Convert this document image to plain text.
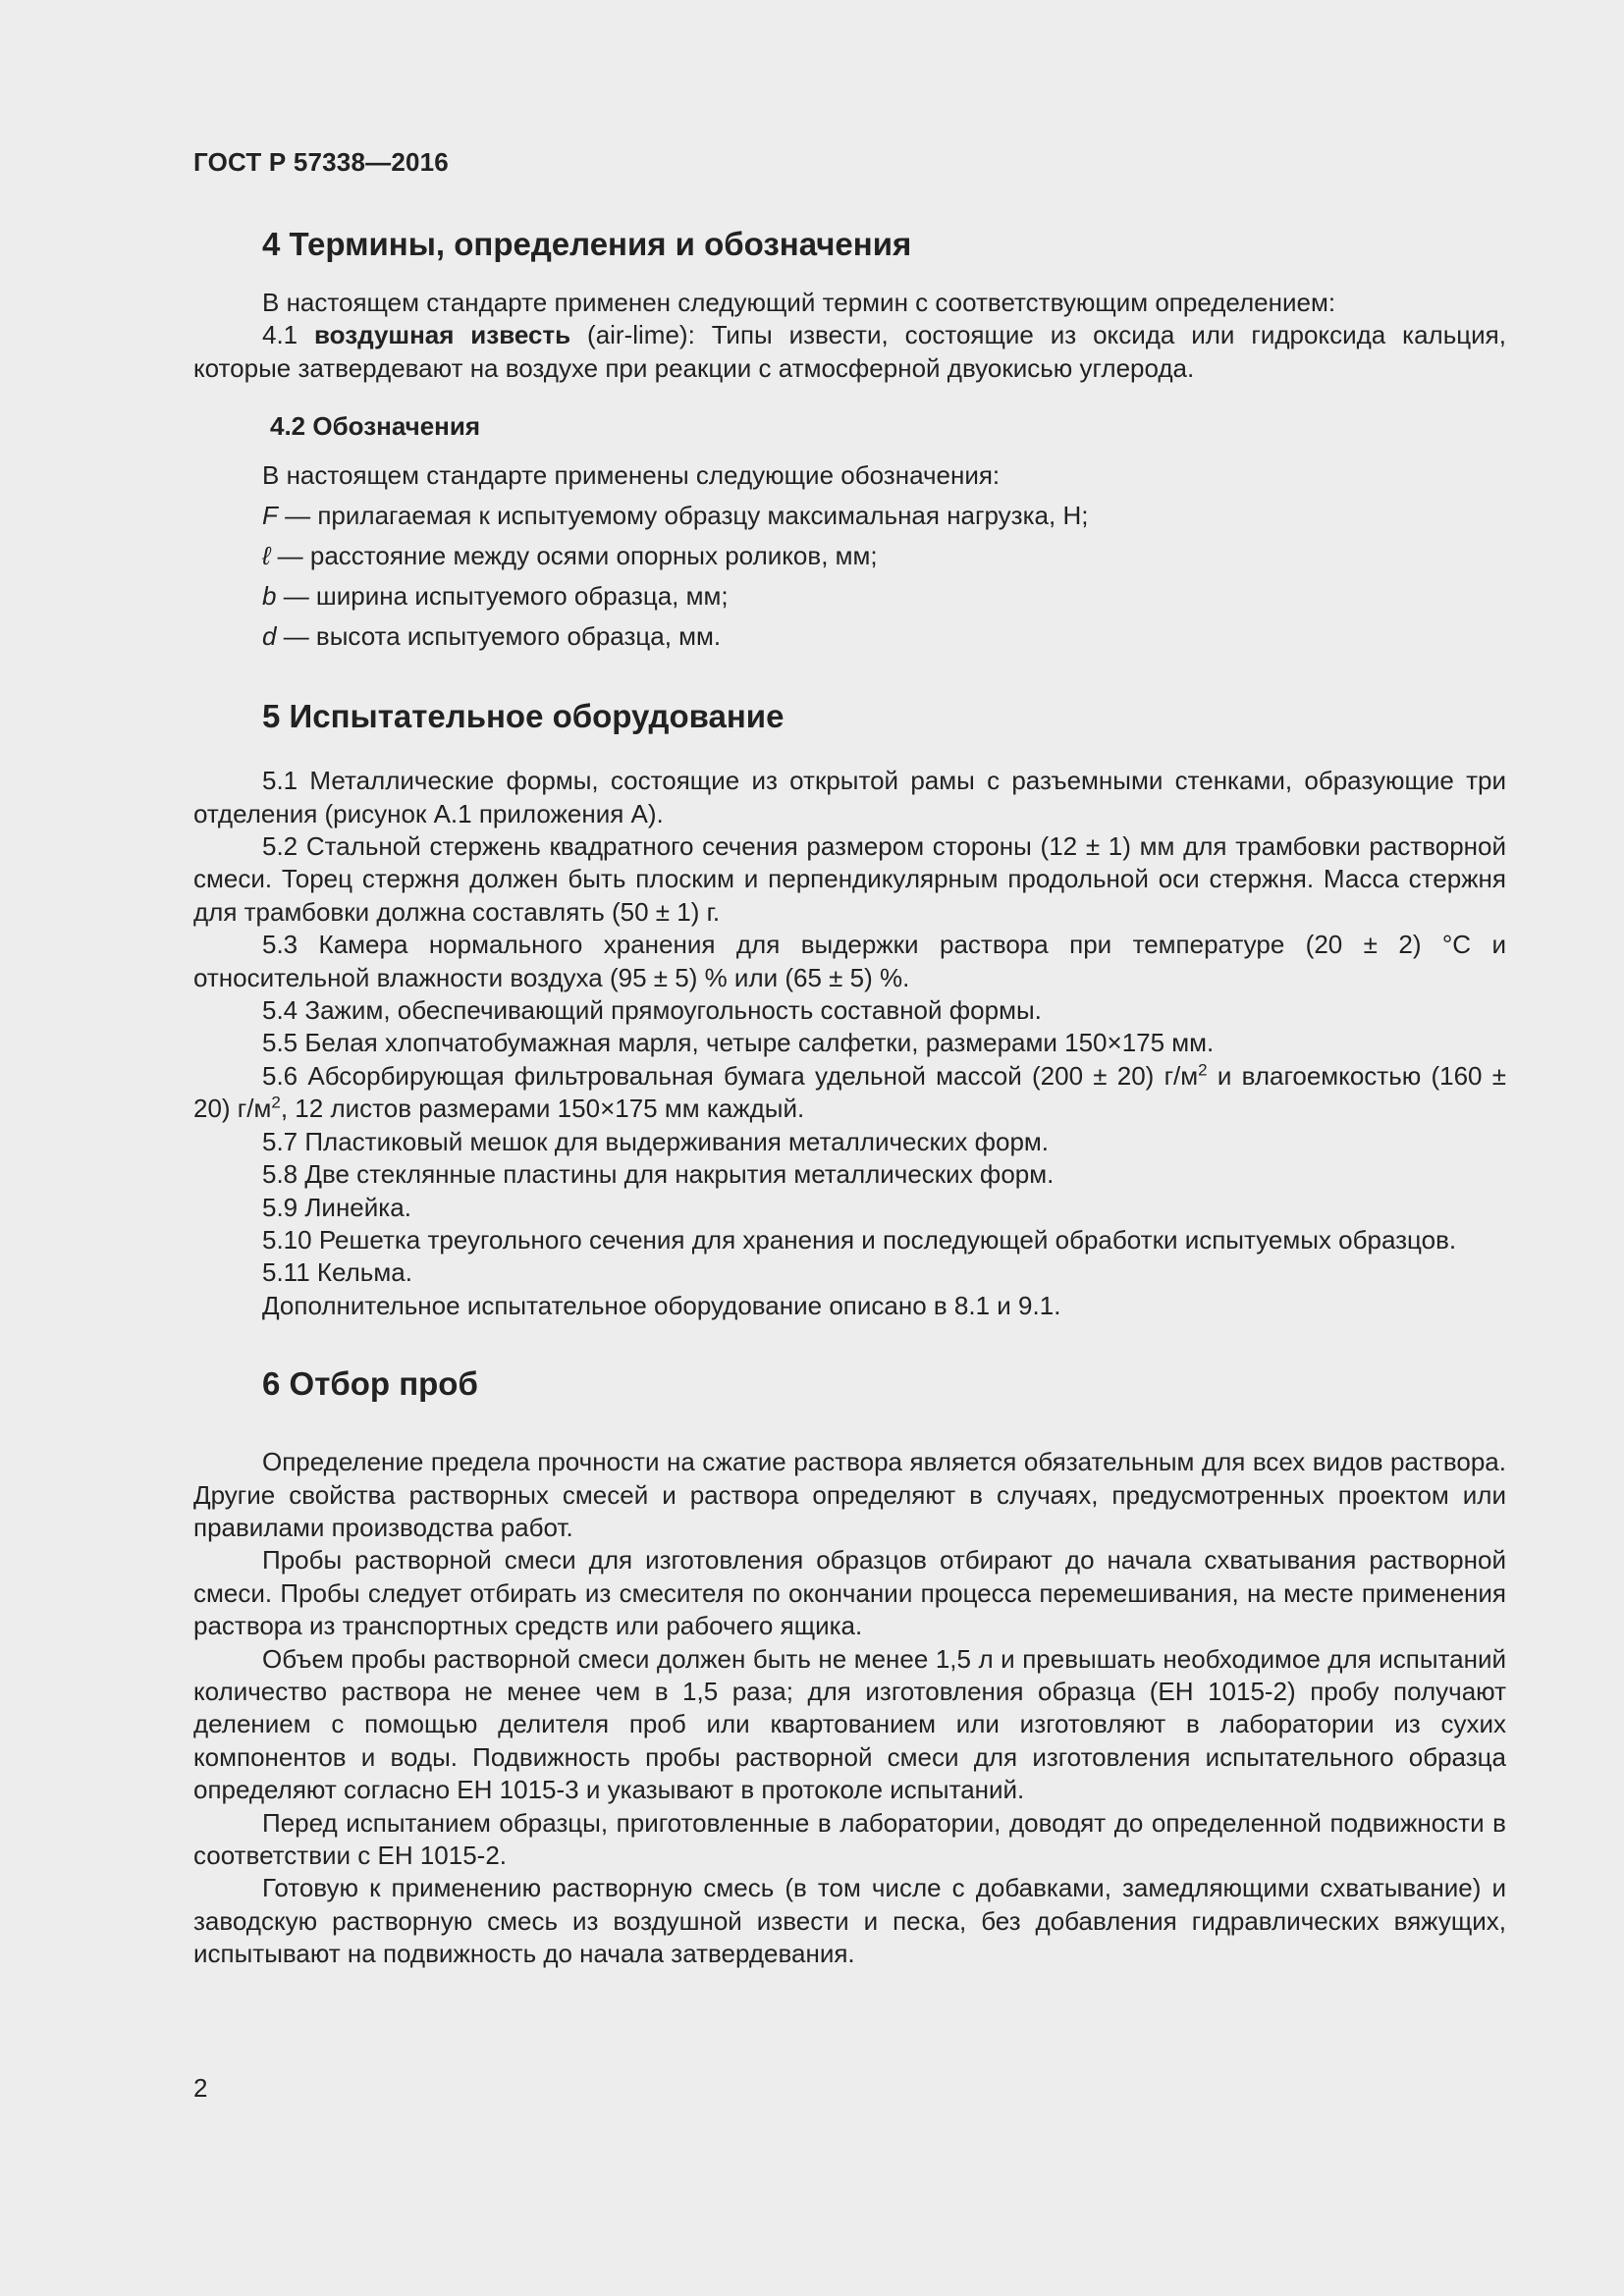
ГОСТ Р 57338—2016
4 Термины, определения и обозначения

В настоящем стандарте применен следующий термин с соответствующим определением:

4.1 воздушная известь (air-lime): Типы извести, состоящие из оксида или гидроксида кальция, которые затвердевают на воздухе при реакции с атмосферной двуокисью углерода.

4.2 Обозначения

В настоящем стандарте применены следующие обозначения:

F — прилагаемая к испытуемому образцу максимальная нагрузка, Н;

ℓ — расстояние между осями опорных роликов, мм;

b — ширина испытуемого образца, мм;

d — высота испытуемого образца, мм.

5 Испытательное оборудование

5.1 Металлические формы, состоящие из открытой рамы с разъемными стенками, образующие три отделения (рисунок А.1 приложения А).

5.2 Стальной стержень квадратного сечения размером стороны (12 ± 1) мм для трамбовки растворной смеси. Торец стержня должен быть плоским и перпендикулярным продольной оси стержня. Масса стержня для трамбовки должна составлять (50 ± 1) г.

5.3 Камера нормального хранения для выдержки раствора при температуре (20 ± 2) °С и относительной влажности воздуха (95 ± 5) % или (65 ± 5) %.

5.4 Зажим, обеспечивающий прямоугольность составной формы.

5.5 Белая хлопчатобумажная марля, четыре салфетки, размерами 150×175 мм.

5.6 Абсорбирующая фильтровальная бумага удельной массой (200 ± 20) $г/м^2$ и влагоемкостью (160 ± 20) $г/м^2$, 12 листов размерами 150×175 мм каждый.

5.7 Пластиковый мешок для выдерживания металлических форм.

5.8 Две стеклянные пластины для накрытия металлических форм.

5.9 Линейка.

5.10 Решетка треугольного сечения для хранения и последующей обработки испытуемых образцов.

5.11 Кельма.

Дополнительное испытательное оборудование описано в 8.1 и 9.1.

6 Отбор проб

Определение предела прочности на сжатие раствора является обязательным для всех видов раствора. Другие свойства растворных смесей и раствора определяют в случаях, предусмотренных проектом или правилами производства работ.

Пробы растворной смеси для изготовления образцов отбирают до начала схватывания растворной смеси. Пробы следует отбирать из смесителя по окончании процесса перемешивания, на месте применения раствора из транспортных средств или рабочего ящика.

Объем пробы растворной смеси должен быть не менее 1,5 л и превышать необходимое для испытаний количество раствора не менее чем в 1,5 раза; для изготовления образца (ЕН 1015-2) пробу получают делением с помощью делителя проб или квартованием или изготовляют в лаборатории из сухих компонентов и воды. Подвижность пробы растворной смеси для изготовления испытательного образца определяют согласно ЕН 1015-3 и указывают в протоколе испытаний.

Перед испытанием образцы, приготовленные в лаборатории, доводят до определенной подвижности в соответствии с ЕН 1015-2.

Готовую к применению растворную смесь (в том числе с добавками, замедляющими схватывание) и заводскую растворную смесь из воздушной извести и песка, без добавления гидравлических вяжущих, испытывают на подвижность до начала затвердевания.

2
